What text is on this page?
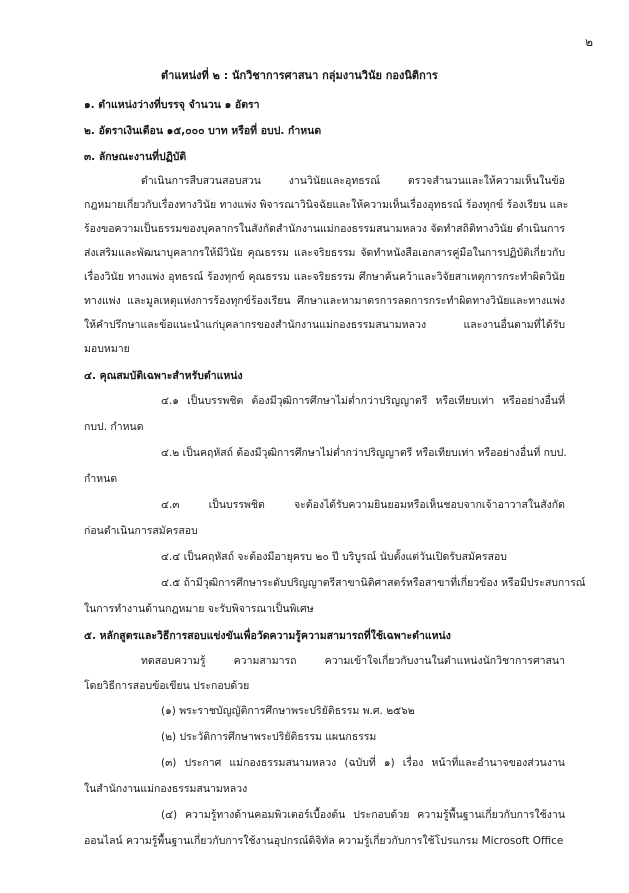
๒
ตำแหน่งที่ ๒ : นักวิชาการศาสนา กลุ่มงานวินัย กองนิติการ
๑. ตำแหน่งว่างที่บรรจุ จำนวน ๑ อัตรา
๒. อัตราเงินเดือน ๑๕,๐๐๐ บาท หรือที่ อบป. กำหนด
๓. ลักษณะงานที่ปฏิบัติ
ดำเนินการสืบสวนสอบสวน งานวินัยและอุทธรณ์ ตรวจสำนวนและให้ความเห็นในข้อ
กฎหมายเกี่ยวกับเรื่องทางวินัย ทางแพ่ง พิจารณาวินิจฉัยและให้ความเห็นเรื่องอุทธรณ์ ร้องทุกข์ ร้องเรียน และ
ร้องขอความเป็นธรรมของบุคลากรในสังกัดสำนักงานแม่กองธรรมสนามหลวง จัดทำสถิติทางวินัย ดำเนินการ
ส่งเสริมและพัฒนาบุคลากรให้มีวินัย คุณธรรม และจริยธรรม จัดทำหนังสือเอกสารคู่มือในการปฏิบัติเกี่ยวกับ
เรื่องวินัย ทางแพ่ง อุทธรณ์ ร้องทุกข์ คุณธรรม และจริยธรรม ศึกษาค้นคว้าและวิจัยสาเหตุการกระทำผิดวินัย
ทางแพ่ง และมูลเหตุแห่งการร้องทุกข์ร้องเรียน ศึกษาและหามาตรการลดการกระทำผิดทางวินัยและทางแพ่ง
ให้คำปรึกษาและข้อแนะนำแก่บุคลากรของสำนักงานแม่กองธรรมสนามหลวง และงานอื่นตามที่ได้รับ
มอบหมาย
๔. คุณสมบัติเฉพาะสำหรับตำแหน่ง
๔.๑ เป็นบรรพชิต ต้องมีวุฒิการศึกษาไม่ต่ำกว่าปริญญาตรี หรือเทียบเท่า หรืออย่างอื่นที่
กบป. กำหนด
๔.๒ เป็นคฤหัสถ์ ต้องมีวุฒิการศึกษาไม่ต่ำกว่าปริญญาตรี หรือเทียบเท่า หรืออย่างอื่นที่ กบป.
กำหนด
๔.๓ เป็นบรรพชิต จะต้องได้รับความยินยอมหรือเห็นชอบจากเจ้าอาวาสในสังกัด
ก่อนดำเนินการสมัครสอบ
๔.๔ เป็นคฤหัสถ์ จะต้องมีอายุครบ ๒๐ ปี บริบูรณ์ นับตั้งแต่วันเปิดรับสมัครสอบ
๔.๕ ถ้ามีวุฒิการศึกษาระดับปริญญาตรีสาขานิติศาสตร์หรือสาขาที่เกี่ยวข้อง หรือมีประสบการณ์
ในการทำงานด้านกฎหมาย จะรับพิจารณาเป็นพิเศษ
๕. หลักสูตรและวิธีการสอบแข่งขันเพื่อวัดความรู้ความสามารถที่ใช้เฉพาะตำแหน่ง
ทดสอบความรู้ ความสามารถ ความเข้าใจเกี่ยวกับงานในตำแหน่งนักวิชาการศาสนา
โดยวิธีการสอบข้อเขียน ประกอบด้วย
(๑) พระราชบัญญัติการศึกษาพระปริยัติธรรม พ.ศ. ๒๕๖๒
(๒) ประวัติการศึกษาพระปริยัติธรรม แผนกธรรม
(๓) ประกาศ แม่กองธรรมสนามหลวง (ฉบับที่ ๑) เรื่อง หน้าที่และอำนาจของส่วนงาน
ในสำนักงานแม่กองธรรมสนามหลวง
(๔) ความรู้ทางด้านคอมพิวเตอร์เบื้องต้น ประกอบด้วย ความรู้พื้นฐานเกี่ยวกับการใช้งาน
ออนไลน์ ความรู้พื้นฐานเกี่ยวกับการใช้งานอุปกรณ์ดิจิทัล ความรู้เกี่ยวกับการใช้โปรแกรม Microsoft Office
